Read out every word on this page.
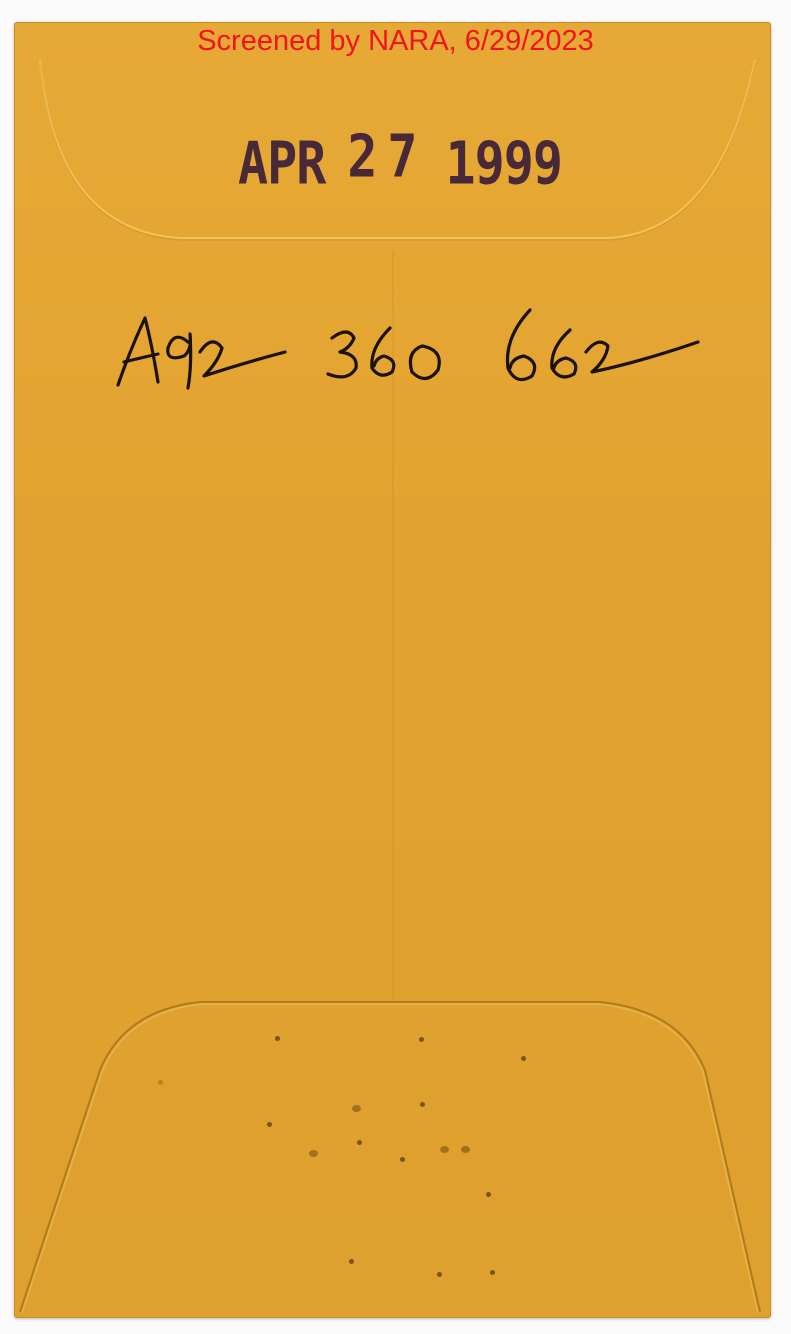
Screened by NARA, 6/29/2023
APR 27 1999
